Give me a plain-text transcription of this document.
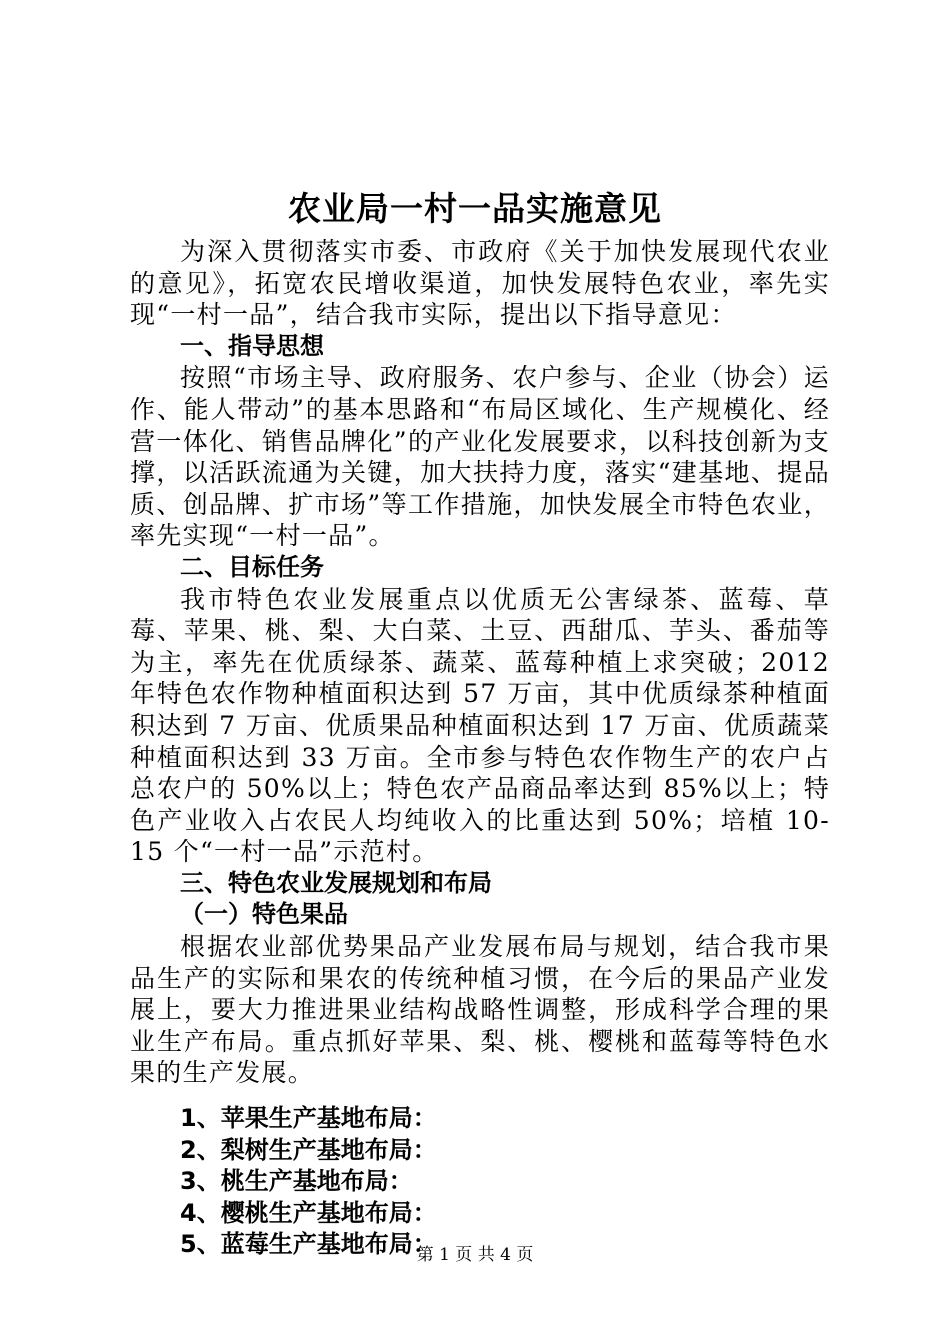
农业局一村一品实施意见

为深入贯彻落实市委、市政府《关于加快发展现代农业的意见》，拓宽农民增收渠道，加快发展特色农业，率先实现“一村一品”，结合我市实际，提出以下指导意见：

一、指导思想

按照“市场主导、政府服务、农户参与、企业（协会）运作、能人带动”的基本思路和“布局区域化、生产规模化、经营一体化、销售品牌化”的产业化发展要求，以科技创新为支撑，以活跃流通为关键，加大扶持力度，落实“建基地、提品质、创品牌、扩市场”等工作措施，加快发展全市特色农业，率先实现“一村一品”。

二、目标任务

我市特色农业发展重点以优质无公害绿茶、蓝莓、草莓、苹果、桃、梨、大白菜、土豆、西甜瓜、芋头、番茄等为主，率先在优质绿茶、蔬菜、蓝莓种植上求突破；2012 年特色农作物种植面积达到 57 万亩，其中优质绿茶种植面积达到 7 万亩、优质果品种植面积达到 17 万亩、优质蔬菜种植面积达到 33 万亩。全市参与特色农作物生产的农户占总农户的 50%以上；特色农产品商品率达到 85%以上；特色产业收入占农民人均纯收入的比重达到 50%；培植 10-15 个“一村一品”示范村。

三、特色农业发展规划和布局

（一）特色果品

根据农业部优势果品产业发展布局与规划，结合我市果品生产的实际和果农的传统种植习惯，在今后的果品产业发展上，要大力推进果业结构战略性调整，形成科学合理的果业生产布局。重点抓好苹果、梨、桃、樱桃和蓝莓等特色水果的生产发展。

1、苹果生产基地布局：

2、梨树生产基地布局：

3、桃生产基地布局：

4、樱桃生产基地布局：

5、蓝莓生产基地布局：

第 1 页 共 4 页
